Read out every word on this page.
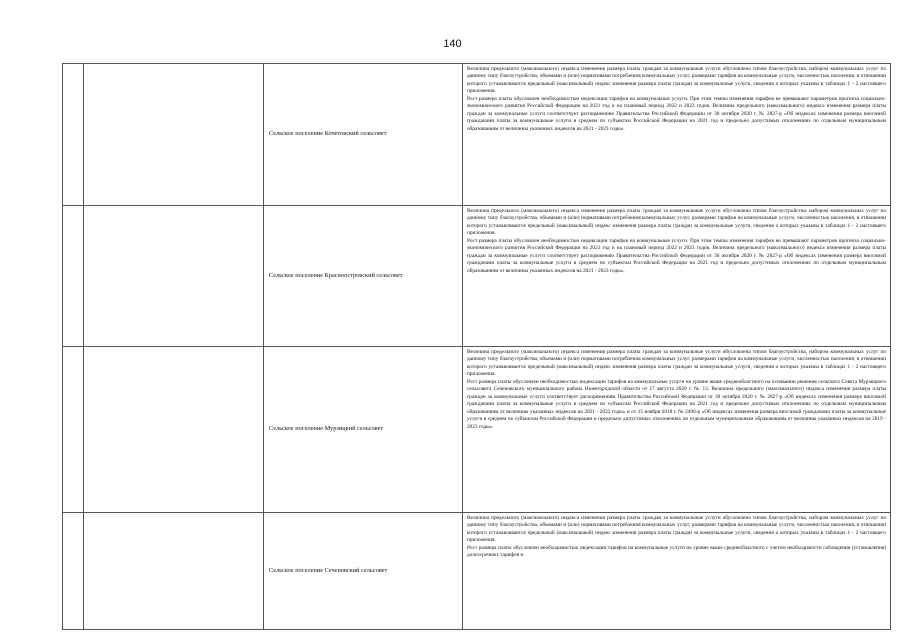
140
		Сельское поселение Кочетовский сельсовет	Величина предельного (максимального) индекса изменения размера платы граждан за коммунальные услуги обусловлена типом благоустройства, набором коммунальных услуг по данному типу благоустройства, объемами и (или) нормативами потребления коммунальных услуг, размерами тарифов на коммунальные услуги, численностью населения, в отношении которого устанавливается предельный (максимальный) индекс изменения размера платы граждан за коммунальные услуги, сведения о которых указаны в таблицах 1 - 2 настоящего приложения.

Рост размера платы обусловлен необходимостью индексации тарифов на коммунальные услуги. При этом темпы изменения тарифов не превышают параметров прогноза социально-экономического развития Российской Федерации на 2021 год и на плановый период 2022 и 2023 годов. Величина предельного (максимального) индекса изменения размера платы граждан за коммунальные услуги соответствует распоряжению Правительства Российской Федерации от 30 октября 2020 г. № 2827-р «Об индексах изменения размера вносимой гражданами платы за коммунальные услуги в среднем по субъектам Российской Федерации на 2021 год и предельно допустимых отклонениях по отдельным муниципальным образованиям от величины указанных индексов на 2021 - 2023 годы».

		Сельское поселение Красноостровский сельсовет	Величина предельного (максимального) индекса изменения размера платы граждан за коммунальные услуги обусловлена типом благоустройства, набором коммунальных услуг по данному типу благоустройства, объемами и (или) нормативами потребления коммунальных услуг, размерами тарифов на коммунальные услуги, численностью населения, в отношении которого устанавливается предельный (максимальный) индекс изменения размера платы граждан за коммунальные услуги, сведения о которых указаны в таблицах 1 - 2 настоящего приложения.

Рост размера платы обусловлен необходимостью индексации тарифов на коммунальные услуги. При этом темпы изменения тарифов не превышают параметров прогноза социально-экономического развития Российской Федерации на 2021 год и на плановый период 2022 и 2023 годов. Величина предельного (максимального) индекса изменения размера платы граждан за коммунальные услуги соответствует распоряжению Правительства Российской Федерации от 30 октября 2020 г. № 2827-р «Об индексах изменения размера вносимой гражданами платы за коммунальные услуги в среднем по субъектам Российской Федерации на 2021 год и предельно допустимых отклонениях по отдельным муниципальным образованиям от величины указанных индексов на 2021 - 2023 годы».

		Сельское поселение Мурзицкий сельсовет	Величина предельного (максимального) индекса изменения размера платы граждан за коммунальные услуги обусловлена типом благоустройства, набором коммунальных услуг по данному типу благоустройства, объемами и (или) нормативами потребления коммунальных услуг, размерами тарифов на коммунальные услуги, численностью населения, в отношении которого устанавливается предельный (максимальный) индекс изменения размера платы граждан за коммунальные услуги, сведения о которых указаны в таблицах 1 - 2 настоящего приложения.

Рост размера платы обусловлен необходимостью индексации тарифов на коммунальные услуги на уровне выше среднеобластного на основании решения сельского Совета Мурзицкого сельсовета Сеченовского муниципального района Нижегородской области от 17 августа 2020 г. № 13. Величина предельного (максимального) индекса изменения размера платы граждан за коммунальные услуги соответствует распоряжениям Правительства Российской Федерации от 30 октября 2020 г. № 2827-р «Об индексах изменения размера вносимой гражданами платы за коммунальные услуги в среднем по субъектам Российской Федерации на 2021 год и предельно допустимых отклонениях по отдельным муниципальным образованиям от величины указанных индексов на 2021 - 2023 годы» и от 15 ноября 2018 г. № 2490-р «Об индексах изменения размера вносимой гражданами платы за коммунальные услуги в среднем по субъектам Российской Федерации и предельно допустимых отклонениях по отдельным муниципальным образованиям от величины указанных индексов на 2019 - 2023 годы».

		Сельское поселение Сеченовский сельсовет	Величина предельного (максимального) индекса изменения размера платы граждан за коммунальные услуги обусловлена типом благоустройства, набором коммунальных услуг по данному типу благоустройства, объемами и (или) нормативами потребления коммунальных услуг, размерами тарифов на коммунальные услуги, численностью населения, в отношении которого устанавливается предельный (максимальный) индекс изменения размера платы граждан за коммунальные услуги, сведения о которых указаны в таблицах 1 - 2 настоящего приложения.

Рост размера платы обусловлен необходимостью индексации тарифов на коммунальные услуги на уровне выше среднеобластного с учетом необходимости соблюдения (установления) долгосрочных тарифов и
